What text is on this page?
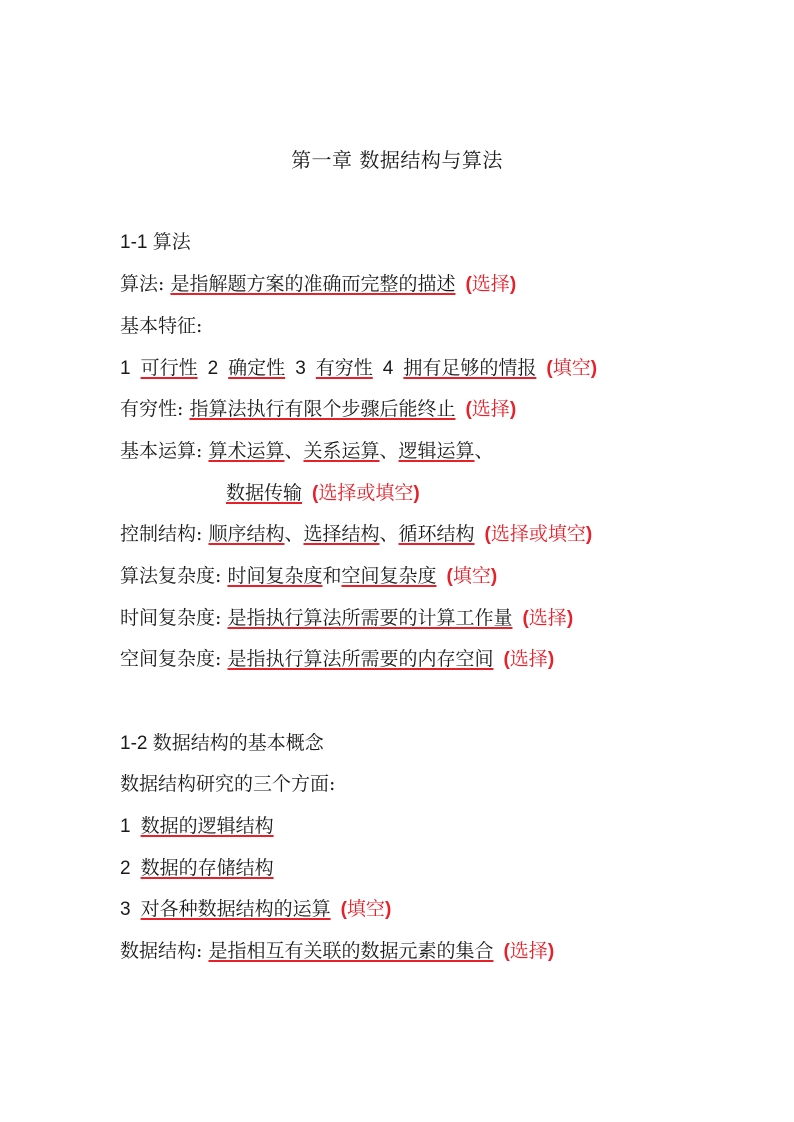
第一章 数据结构与算法
1-1 算法
算法: 是指解题方案的准确而完整的描述 (选择)
基本特征:
1 可行性 2 确定性 3 有穷性 4 拥有足够的情报 (填空)
有穷性: 指算法执行有限个步骤后能终止 (选择)
基本运算: 算术运算、关系运算、逻辑运算、
数据传输 (选择或填空)
控制结构: 顺序结构、选择结构、循环结构 (选择或填空)
算法复杂度: 时间复杂度和空间复杂度 (填空)
时间复杂度: 是指执行算法所需要的计算工作量 (选择)
空间复杂度: 是指执行算法所需要的内存空间 (选择)
1-2 数据结构的基本概念
数据结构研究的三个方面:
1 数据的逻辑结构
2 数据的存储结构
3 对各种数据结构的运算 (填空)
数据结构: 是指相互有关联的数据元素的集合 (选择)
